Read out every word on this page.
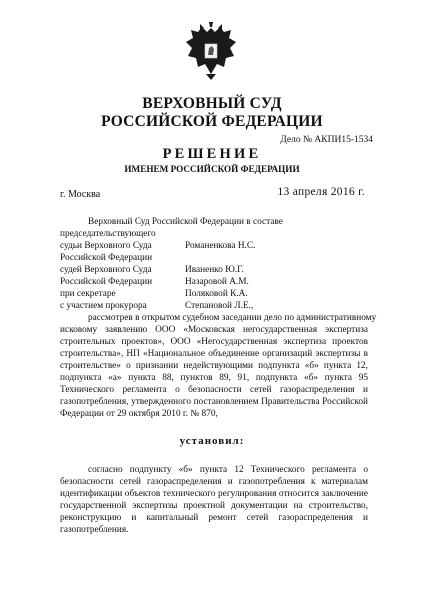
ВЕРХОВНЫЙ СУД
РОССИЙСКОЙ ФЕДЕРАЦИИ
Дело № АКПИ15-1534
РЕШЕНИЕ
ИМЕНЕМ РОССИЙСКОЙ ФЕДЕРАЦИИ
г. Москва	13 апреля 2016 г.
Верховный Суд Российской Федерации в составе
председательствующего
судьи Верховного Суда	Романенкова Н.С.
Российской Федерации
судей Верховного Суда	Иваненко Ю.Г.
Российской Федерации	Назаровой А.М.
при секретаре	Поляковой К.А.
с участием прокурора	Степановой Л.Е.,
рассмотрев в открытом судебном заседании дело по административному
исковому заявлению ООО «Московская негосударственная экспертиза
строительных проектов», ООО «Негосударственная экспертиза проектов
строительства», НП «Национальное объединение организаций экспертизы в
строительстве» о признании недействующими подпункта «б» пункта 12,
подпункта «а» пункта 88, пунктов 89, 91, подпункта «б» пункта 95
Технического регламента о безопасности сетей газораспределения и
газопотребления, утвержденного постановлением Правительства Российской
Федерации от 29 октября 2010 г. № 870,
установил:
согласно подпункту «б» пункта 12 Технического регламента о
безопасности сетей газораспределения и газопотребления к материалам
идентификации объектов технического регулирования относится заключение
государственной экспертизы проектной документации на строительство,
реконструкцию и капитальный ремонт сетей газораспределения и
газопотребления.
